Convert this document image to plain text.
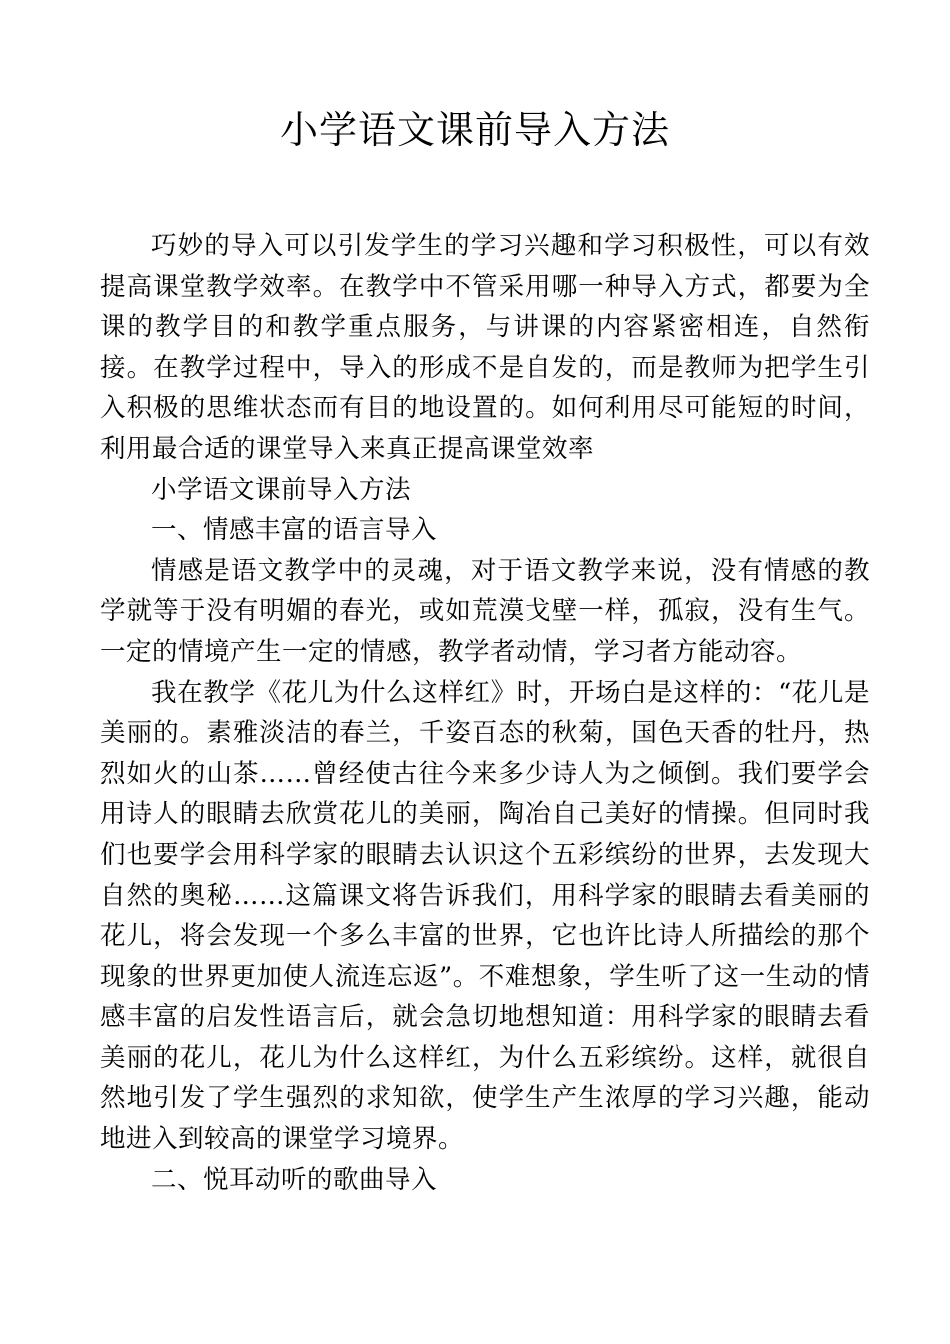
小学语文课前导入方法

巧妙的导入可以引发学生的学习兴趣和学习积极性，可以有效提高课堂教学效率。在教学中不管采用哪一种导入方式，都要为全课的教学目的和教学重点服务，与讲课的内容紧密相连，自然衔接。在教学过程中，导入的形成不是自发的，而是教师为把学生引入积极的思维状态而有目的地设置的。如何利用尽可能短的时间，利用最合适的课堂导入来真正提高课堂效率

小学语文课前导入方法

一、情感丰富的语言导入

情感是语文教学中的灵魂，对于语文教学来说，没有情感的教学就等于没有明媚的春光，或如荒漠戈壁一样，孤寂，没有生气。一定的情境产生一定的情感，教学者动情，学习者方能动容。

我在教学《花儿为什么这样红》时，开场白是这样的：“花儿是美丽的。素雅淡洁的春兰，千姿百态的秋菊，国色天香的牡丹，热烈如火的山茶……曾经使古往今来多少诗人为之倾倒。我们要学会用诗人的眼睛去欣赏花儿的美丽，陶冶自己美好的情操。但同时我们也要学会用科学家的眼睛去认识这个五彩缤纷的世界，去发现大自然的奥秘……这篇课文将告诉我们，用科学家的眼睛去看美丽的花儿，将会发现一个多么丰富的世界，它也许比诗人所描绘的那个现象的世界更加使人流连忘返”。不难想象，学生听了这一生动的情感丰富的启发性语言后，就会急切地想知道：用科学家的眼睛去看美丽的花儿，花儿为什么这样红，为什么五彩缤纷。这样，就很自然地引发了学生强烈的求知欲，使学生产生浓厚的学习兴趣，能动地进入到较高的课堂学习境界。

二、悦耳动听的歌曲导入
